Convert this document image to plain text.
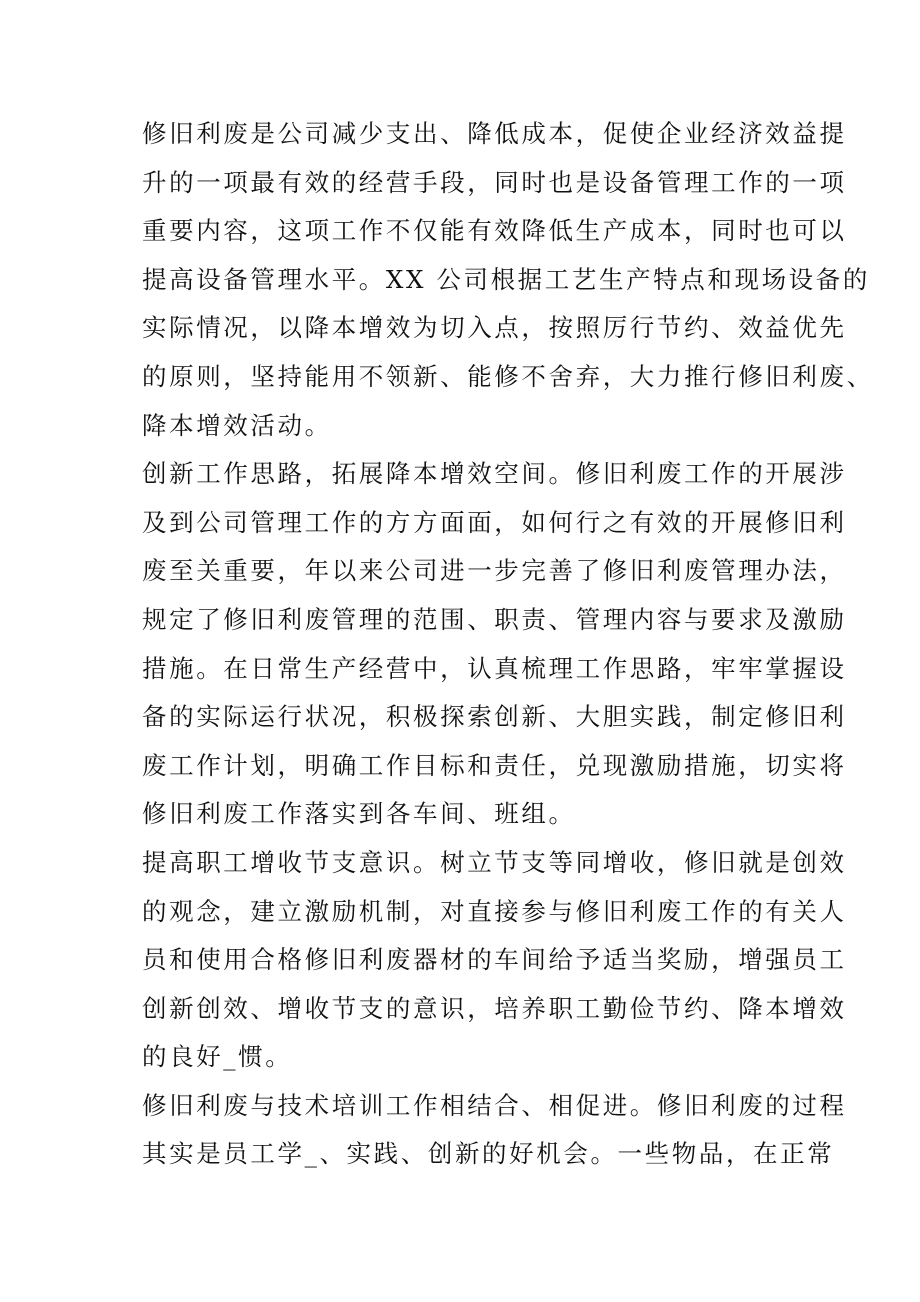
修旧利废是公司减少支出、降低成本，促使企业经济效益提
升的一项最有效的经营手段，同时也是设备管理工作的一项
重要内容，这项工作不仅能有效降低生产成本，同时也可以
提高设备管理水平。XX 公司根据工艺生产特点和现场设备的
实际情况，以降本增效为切入点，按照厉行节约、效益优先
的原则，坚持能用不领新、能修不舍弃，大力推行修旧利废、
降本增效活动。
创新工作思路，拓展降本增效空间。修旧利废工作的开展涉
及到公司管理工作的方方面面，如何行之有效的开展修旧利
废至关重要，年以来公司进一步完善了修旧利废管理办法，
规定了修旧利废管理的范围、职责、管理内容与要求及激励
措施。在日常生产经营中，认真梳理工作思路，牢牢掌握设
备的实际运行状况，积极探索创新、大胆实践，制定修旧利
废工作计划，明确工作目标和责任，兑现激励措施，切实将
修旧利废工作落实到各车间、班组。
提高职工增收节支意识。树立节支等同增收，修旧就是创效
的观念，建立激励机制，对直接参与修旧利废工作的有关人
员和使用合格修旧利废器材的车间给予适当奖励，增强员工
创新创效、增收节支的意识，培养职工勤俭节约、降本增效
的良好_惯。
修旧利废与技术培训工作相结合、相促进。修旧利废的过程
其实是员工学_、实践、创新的好机会。一些物品，在正常
